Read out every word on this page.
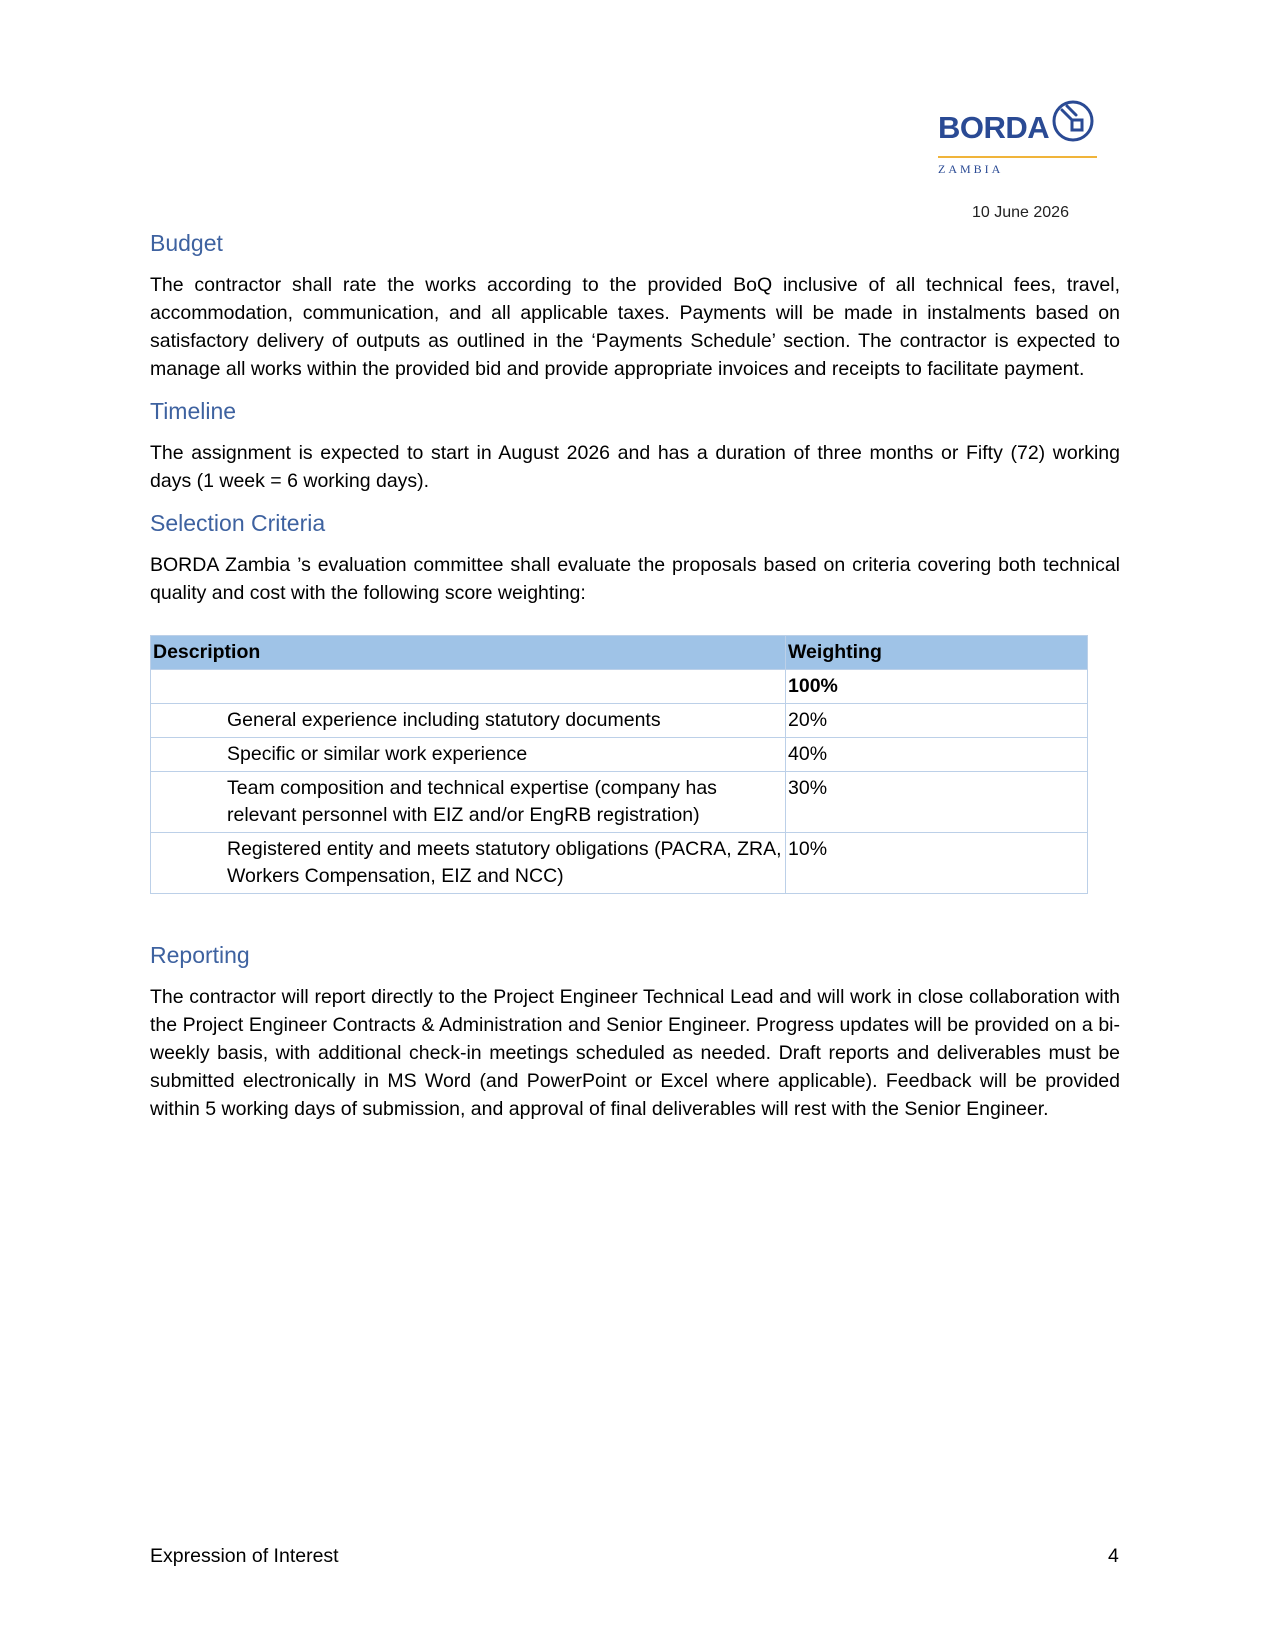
BORDA
ZAMBIA
10 June 2026
Budget

The contractor shall rate the works according to the provided BoQ inclusive of all technical fees, travel, accommodation, communication, and all applicable taxes. Payments will be made in instalments based on satisfactory delivery of outputs as outlined in the ‘Payments Schedule’ section. The contractor is expected to manage all works within the provided bid and provide appropriate invoices and receipts to facilitate payment.

Timeline

The assignment is expected to start in August 2026 and has a duration of three months or Fifty (72) working days (1 week = 6 working days).

Selection Criteria

BORDA Zambia ’s evaluation committee shall evaluate the proposals based on criteria covering both technical quality and cost with the following score weighting:

Description	Weighting
	100%
General experience including statutory documents	20%
Specific or similar work experience	40%
Team composition and technical expertise (company has relevant personnel with EIZ and/or EngRB registration)	30%
Registered entity and meets statutory obligations (PACRA, ZRA, Workers Compensation, EIZ and NCC)	10%
Reporting

The contractor will report directly to the Project Engineer Technical Lead and will work in close collaboration with the Project Engineer Contracts & Administration and Senior Engineer. Progress updates will be provided on a bi-weekly basis, with additional check-in meetings scheduled as needed. Draft reports and deliverables must be submitted electronically in MS Word (and PowerPoint or Excel where applicable). Feedback will be provided within 5 working days of submission, and approval of final deliverables will rest with the Senior Engineer.

Expression of Interest	4
